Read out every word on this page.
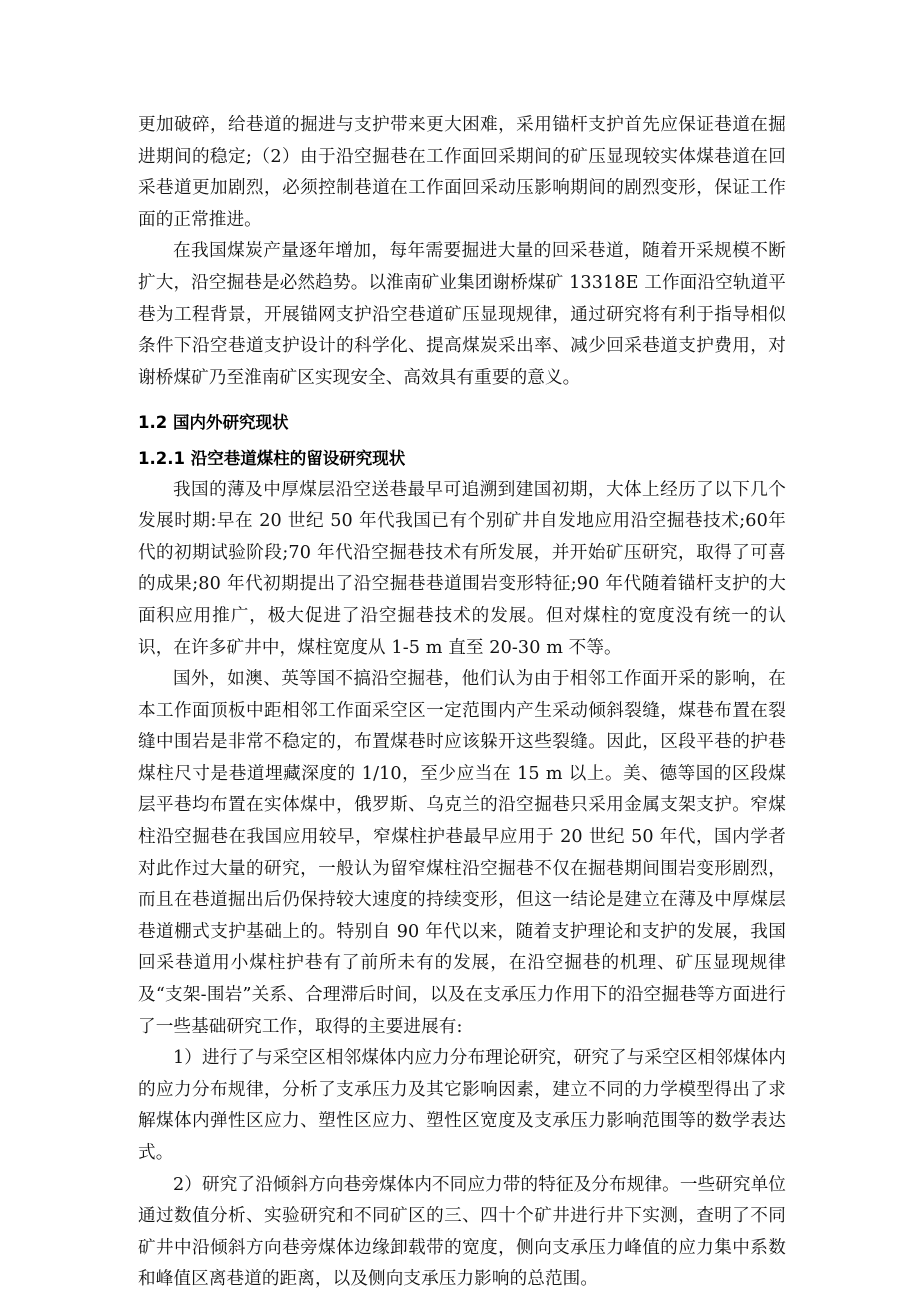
更加破碎，给巷道的掘进与支护带来更大困难，采用锚杆支护首先应保证巷道在掘进期间的稳定;（2）由于沿空掘巷在工作面回采期间的矿压显现较实体煤巷道在回采巷道更加剧烈，必须控制巷道在工作面回采动压影响期间的剧烈变形，保证工作面的正常推进。

在我国煤炭产量逐年增加，每年需要掘进大量的回采巷道，随着开采规模不断扩大，沿空掘巷是必然趋势。以淮南矿业集团谢桥煤矿 13318E 工作面沿空轨道平巷为工程背景，开展锚网支护沿空巷道矿压显现规律，通过研究将有利于指导相似条件下沿空巷道支护设计的科学化、提高煤炭采出率、减少回采巷道支护费用，对谢桥煤矿乃至淮南矿区实现安全、高效具有重要的意义。

1.2 国内外研究现状
1.2.1 沿空巷道煤柱的留设研究现状

我国的薄及中厚煤层沿空送巷最早可追溯到建国初期，大体上经历了以下几个发展时期:早在 20 世纪 50 年代我国已有个别矿井自发地应用沿空掘巷技术;60年代的初期试验阶段;70 年代沿空掘巷技术有所发展，并开始矿压研究，取得了可喜的成果;80 年代初期提出了沿空掘巷巷道围岩变形特征;90 年代随着锚杆支护的大面积应用推广，极大促进了沿空掘巷技术的发展。但对煤柱的宽度没有统一的认识，在许多矿井中，煤柱宽度从 1-5 m 直至 20-30 m 不等。

国外，如澳、英等国不搞沿空掘巷，他们认为由于相邻工作面开采的影响，在本工作面顶板中距相邻工作面采空区一定范围内产生采动倾斜裂缝，煤巷布置在裂缝中围岩是非常不稳定的，布置煤巷时应该躲开这些裂缝。因此，区段平巷的护巷煤柱尺寸是巷道埋藏深度的 1/10，至少应当在 15 m 以上。美、德等国的区段煤层平巷均布置在实体煤中，俄罗斯、乌克兰的沿空掘巷只采用金属支架支护。窄煤柱沿空掘巷在我国应用较早，窄煤柱护巷最早应用于 20 世纪 50 年代，国内学者对此作过大量的研究，一般认为留窄煤柱沿空掘巷不仅在掘巷期间围岩变形剧烈，而且在巷道掘出后仍保持较大速度的持续变形，但这一结论是建立在薄及中厚煤层巷道棚式支护基础上的。特别自 90 年代以来，随着支护理论和支护的发展，我国回采巷道用小煤柱护巷有了前所未有的发展，在沿空掘巷的机理、矿压显现规律及“支架-围岩”关系、合理滞后时间，以及在支承压力作用下的沿空掘巷等方面进行了一些基础研究工作，取得的主要进展有:

1）进行了与采空区相邻煤体内应力分布理论研究，研究了与采空区相邻煤体内的应力分布规律，分析了支承压力及其它影响因素，建立不同的力学模型得出了求解煤体内弹性区应力、塑性区应力、塑性区宽度及支承压力影响范围等的数学表达式。

2）研究了沿倾斜方向巷旁煤体内不同应力带的特征及分布规律。一些研究单位通过数值分析、实验研究和不同矿区的三、四十个矿井进行井下实测，查明了不同矿井中沿倾斜方向巷旁煤体边缘卸载带的宽度，侧向支承压力峰值的应力集中系数和峰值区离巷道的距离，以及侧向支承压力影响的总范围。
